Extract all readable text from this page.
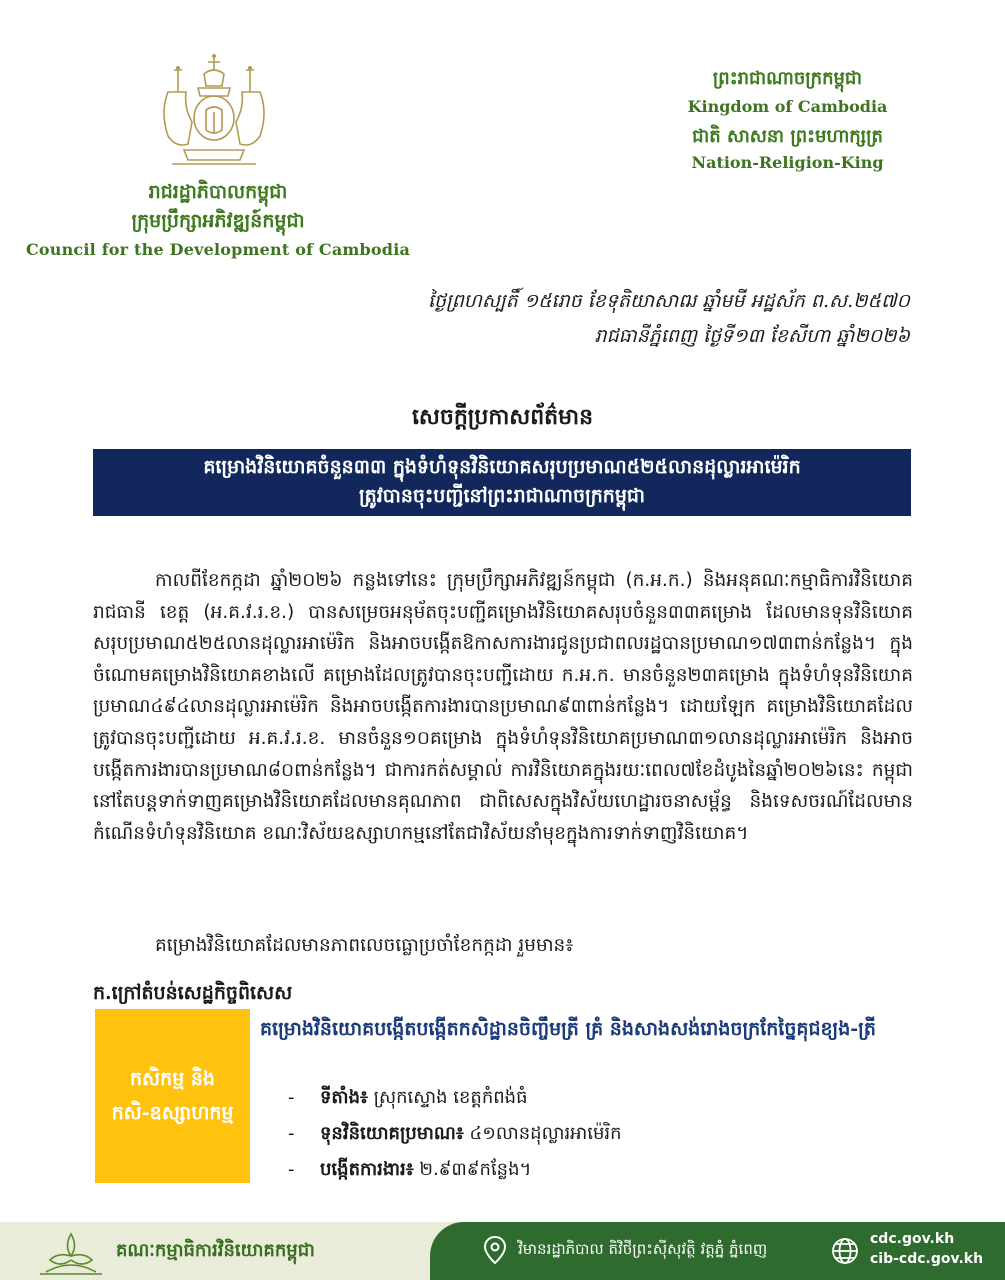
រាជរដ្ឋាភិបាលកម្ពុជា
ក្រុមប្រឹក្សាអភិវឌ្ឍន៍កម្ពុជា
Council for the Development of Cambodia
ព្រះរាជាណាចក្រកម្ពុជា
Kingdom of Cambodia
ជាតិ សាសនា ព្រះមហាក្សត្រ
Nation-Religion-King
ថ្ងៃព្រហស្បតិ៍ ១៥រោច ខែទុតិយាសាឍ ឆ្នាំមមី អដ្ឋស័ក ព.ស.២៥៧០
រាជធានីភ្នំពេញ ថ្ងៃទី១៣ ខែសីហា ឆ្នាំ២០២៦
សេចក្តីប្រកាសព័ត៌មាន
គម្រោងវិនិយោគចំនួន៣៣ ក្នុងទំហំទុនវិនិយោគសរុបប្រមាណ៥២៥លានដុល្លារអាម៉េរិក
ត្រូវបានចុះបញ្ជីនៅព្រះរាជាណាចក្រកម្ពុជា

កាលពីខែកក្កដា ឆ្នាំ២០២៦ កន្លងទៅនេះ ក្រុមប្រឹក្សាអភិវឌ្ឍន៍កម្ពុជា (ក.អ.ក.) និងអនុគណៈកម្មាធិការវិនិយោគរាជធានី ខេត្ត (អ.គ.វ.រ.ខ.) បានសម្រេចអនុម័តចុះបញ្ជីគម្រោងវិនិយោគសរុបចំនួន៣៣គម្រោង ដែលមានទុនវិនិយោគសរុបប្រមាណ៥២៥លានដុល្លារអាម៉េរិក និងអាចបង្កើតឱកាសការងារជូនប្រជាពលរដ្ឋបានប្រមាណ១៧៣ពាន់កន្លែង។ ក្នុងចំណោមគម្រោងវិនិយោគខាងលើ គម្រោងដែលត្រូវបានចុះបញ្ជីដោយ ក.អ.ក. មានចំនួន២៣គម្រោង ក្នុងទំហំទុនវិនិយោគប្រមាណ៤៩៤លានដុល្លារអាម៉េរិក និងអាចបង្កើតការងារបានប្រមាណ៩៣ពាន់កន្លែង។ ដោយឡែក គម្រោងវិនិយោគដែលត្រូវបានចុះបញ្ជីដោយ អ.គ.វ.រ.ខ. មានចំនួន១០គម្រោង ក្នុងទំហំទុនវិនិយោគប្រមាណ៣១លានដុល្លារអាម៉េរិក និងអាចបង្កើតការងារបានប្រមាណ៨០ពាន់កន្លែង។ ជាការកត់សម្គាល់ ការវិនិយោគក្នុងរយៈពេល៧ខែដំបូងនៃឆ្នាំ២០២៦នេះ កម្ពុជានៅតែបន្តទាក់ទាញគម្រោងវិនិយោគដែលមានគុណភាព ជាពិសេសក្នុងវិស័យហេដ្ឋារចនាសម្ព័ន្ធ និងទេសចរណ៍ដែលមានកំណើនទំហំទុនវិនិយោគ ខណៈវិស័យឧស្សាហកម្មនៅតែជាវិស័យនាំមុខក្នុងការទាក់ទាញវិនិយោគ។

គម្រោងវិនិយោគដែលមានភាពលេចធ្លោប្រចាំខែកក្កដា រួមមាន៖
ក.ក្រៅតំបន់សេដ្ឋកិច្ចពិសេស
កសិកម្ម និង
កសិ-ឧស្សាហកម្ម
គម្រោងវិនិយោគបង្កើតបង្កើតកសិដ្ឋានចិញ្ចឹមត្រី គ្រំ និងសាងសង់រោងចក្រកែច្នៃគុជខ្យង-ត្រី
- ទីតាំង៖ ស្រុកស្ទោង ខេត្តកំពង់ធំ
- ទុនវិនិយោគប្រមាណ៖ ៤១លានដុល្លារអាម៉េរិក
- បង្កើតការងារ៖ ២.៩៣៩កន្លែង។
គណៈកម្មាធិការវិនិយោគកម្ពុជា	វិមានរដ្ឋាភិបាល តិវិថីព្រះស៊ីសុវត្ថិ វត្តភ្នំ ភ្នំពេញ
cdc.gov.kh
cib-cdc.gov.kh
